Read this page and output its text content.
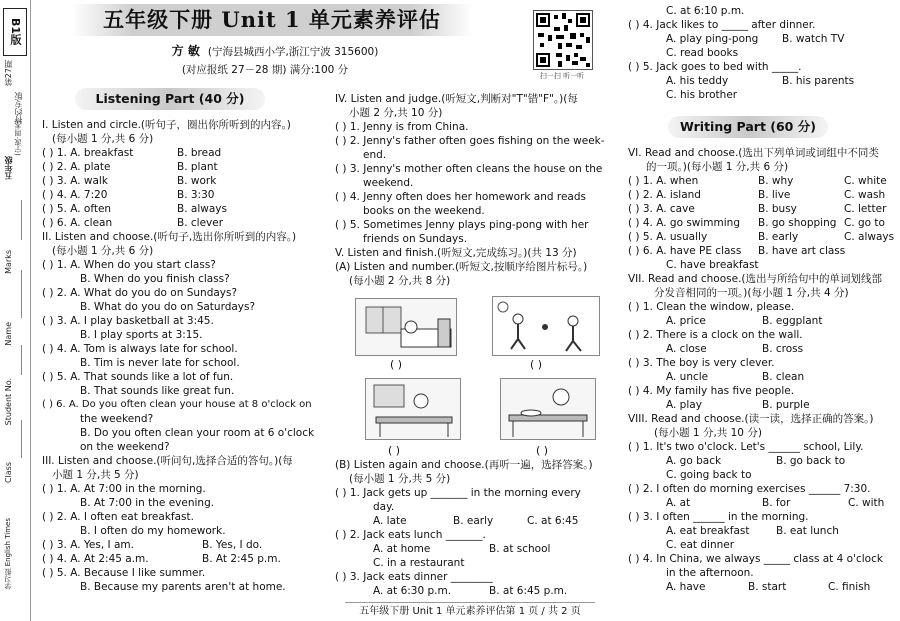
B1版
第27期
特约专版
(宁波·周末)
五年级
Marks
Name
Student No.
Class
学习报 English Times
五年级下册 Unit 1 单元素养评估
方 敏 (宁海县城西小学,浙江宁波 315600)
(对应报纸 27－28 期) 满分:100 分	扫一扫 听一听
Listening Part (40 分)
I. Listen and circle.(听句子，圈出你所听到的内容。)
(每小题 1 分,共 6 分)
( ) 1. A. breakfast	B. bread
( ) 2. A. plate	B. plant
( ) 3. A. walk	B. work
( ) 4. A. 7:20	B. 3:30
( ) 5. A. often	B. always
( ) 6. A. clean	B. clever
II. Listen and choose.(听句子,选出你所听到的内容。)
(每小题 1 分,共 6 分)
( ) 1. A. When do you start class?
B. When do you finish class?
( ) 2. A. What do you do on Sundays?
B. What do you do on Saturdays?
( ) 3. A. I play basketball at 3:45.
B. I play sports at 3:15.
( ) 4. A. Tom is always late for school.
B. Tim is never late for school.
( ) 5. A. That sounds like a lot of fun.
B. That sounds like great fun.
( ) 6. A. Do you often clean your house at 8 o'clock on
the weekend?
B. Do you often clean your room at 6 o'clock
on the weekend?
III. Listen and choose.(听问句,选择合适的答句。)(每
小题 1 分,共 5 分)
( ) 1. A. At 7:00 in the morning.
B. At 7:00 in the evening.
( ) 2. A. I often eat breakfast.
B. I often do my homework.
( ) 3. A. Yes, I am.	B. Yes, I do.
( ) 4. A. At 2:45 a.m.	B. At 2:45 p.m.
( ) 5. A. Because I like summer.
B. Because my parents aren't at home.
IV. Listen and judge.(听短文,判断对"T"错"F"。)(每
小题 2 分,共 10 分)
( ) 1. Jenny is from China.
( ) 2. Jenny's father often goes fishing on the week-
end.
( ) 3. Jenny's mother often cleans the house on the
weekend.
( ) 4. Jenny often does her homework and reads
books on the weekend.
( ) 5. Sometimes Jenny plays ping-pong with her
friends on Sundays.
V. Listen and finish.(听短文,完成练习。)(共 13 分)
(A) Listen and number.(听短文,按顺序给图片标号。)
(每小题 2 分,共 8 分)
( )	( )
( )	( )
(B) Listen again and choose.(再听一遍，选择答案。)
(每小题 1 分,共 5 分)
( ) 1. Jack gets up _______ in the morning every
day.
A. late	B. early	C. at 6:45
( ) 2. Jack eats lunch _______.
A. at home	B. at school
C. in a restaurant
( ) 3. Jack eats dinner ________
A. at 6:30 p.m.	B. at 6:45 p.m.
C. at 6:10 p.m.
( ) 4. Jack likes to _____ after dinner.
A. play ping-pong	B. watch TV
C. read books
( ) 5. Jack goes to bed with _____.
A. his teddy	B. his parents
C. his brother
Writing Part (60 分)
VI. Read and choose.(选出下列单词或词组中不同类
的一项。)(每小题 1 分,共 6 分)
( ) 1. A. when	B. why	C. white
( ) 2. A. island	B. live	C. wash
( ) 3. A. cave	B. busy	C. letter
( ) 4. A. go swimming	B. go shopping C. go to
( ) 5. A. usually	B. early	C. always
( ) 6. A. have PE class	B. have art class
C. have breakfast
VII. Read and choose.(选出与所给句中的单词划线部
分发音相同的一项。)(每小题 1 分,共 4 分)
( ) 1. Clean the window, please.
A. price	B. eggplant
( ) 2. There is a clock on the wall.
A. close	B. cross
( ) 3. The boy is very clever.
A. uncle	B. clean
( ) 4. My family has five people.
A. play	B. purple
VIII. Read and choose.(读一读，选择正确的答案。)
(每小题 1 分,共 10 分)
( ) 1. It's two o'clock. Let's ______ school, Lily.
A. go back	B. go back to
C. going back to
( ) 2. I often do morning exercises ______ 7:30.
A. at	B. for	C. with
( ) 3. I often ______ in the morning.
A. eat breakfast	B. eat lunch
C. eat dinner
( ) 4. In China, we always _____ class at 4 o'clock
in the afternoon.
A. have	B. start	C. finish
五年级下册 Unit 1 单元素养评估第 1 页 / 共 2 页
